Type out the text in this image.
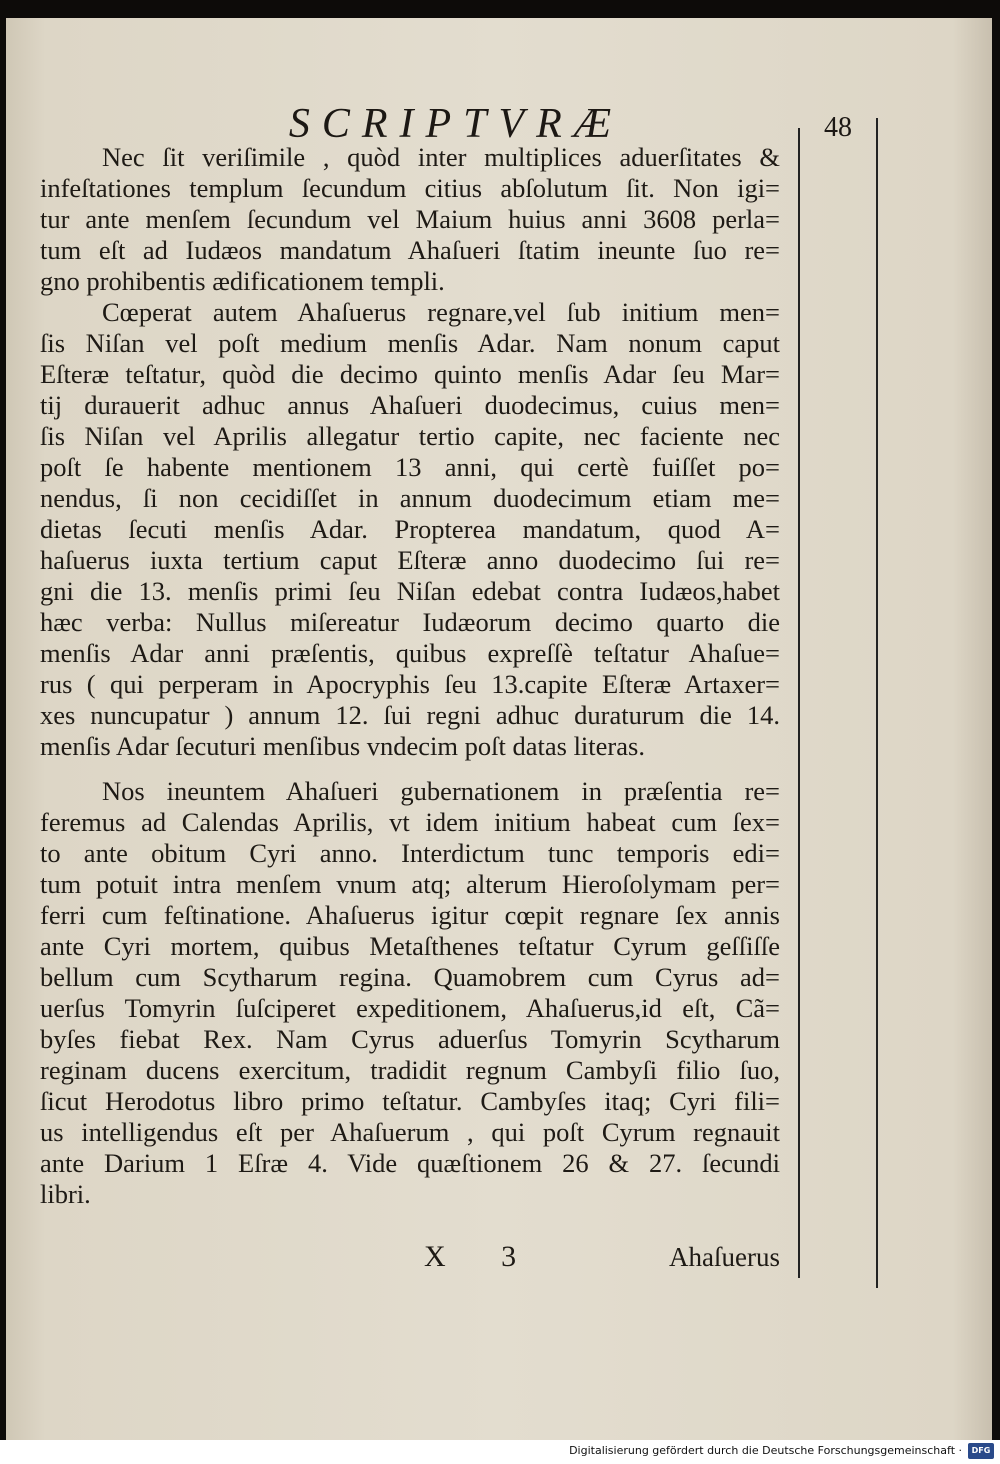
SCRIPTVRÆ	48
Nec ſit veriſimile , quòd inter multiplices aduerſitates &
infeſtationes templum ſecundum citius abſolutum ſit. Non igi=
tur ante menſem ſecundum vel Maium huius anni 3608 perla=
tum eſt ad Iudæos mandatum Ahaſueri ſtatim ineunte ſuo re=
gno prohibentis ædificationem templi.
Cœperat autem Ahaſuerus regnare,vel ſub initium men=
ſis Niſan vel poſt medium menſis Adar. Nam nonum caput
Eſteræ teſtatur, quòd die decimo quinto menſis Adar ſeu Mar=
tij durauerit adhuc annus Ahaſueri duodecimus, cuius men=
ſis Niſan vel Aprilis allegatur tertio capite, nec faciente nec
poſt ſe habente mentionem 13 anni, qui certè fuiſſet po=
nendus, ſi non cecidiſſet in annum duodecimum etiam me=
dietas ſecuti menſis Adar. Propterea mandatum, quod A=
haſuerus iuxta tertium caput Eſteræ anno duodecimo ſui re=
gni die 13. menſis primi ſeu Niſan edebat contra Iudæos,habet
hæc verba: Nullus miſereatur Iudæorum decimo quarto die
menſis Adar anni præſentis, quibus expreſſè teſtatur Ahaſue=
rus ( qui perperam in Apocryphis ſeu 13.capite Eſteræ Artaxer=
xes nuncupatur ) annum 12. ſui regni adhuc duraturum die 14.
menſis Adar ſecuturi menſibus vndecim poſt datas literas.
Nos ineuntem Ahaſueri gubernationem in præſentia re=
feremus ad Calendas Aprilis, vt idem initium habeat cum ſex=
to ante obitum Cyri anno. Interdictum tunc temporis edi=
tum potuit intra menſem vnum atq; alterum Hieroſolymam per=
ferri cum feſtinatione. Ahaſuerus igitur cœpit regnare ſex annis
ante Cyri mortem, quibus Metaſthenes teſtatur Cyrum geſſiſſe
bellum cum Scytharum regina. Quamobrem cum Cyrus ad=
uerſus Tomyrin ſuſciperet expeditionem, Ahaſuerus,id eſt, Cã=
byſes fiebat Rex. Nam Cyrus aduerſus Tomyrin Scytharum
reginam ducens exercitum, tradidit regnum Cambyſi filio ſuo,
ſicut Herodotus libro primo teſtatur. Cambyſes itaq; Cyri fili=
us intelligendus eſt per Ahaſuerum , qui poſt Cyrum regnauit
ante Darium 1 Eſræ 4. Vide quæſtionem 26 & 27. ſecundi
libri.
X 3	Ahaſuerus
Digitalisierung gefördert durch die Deutsche Forschungsgemeinschaft ·	DFG
